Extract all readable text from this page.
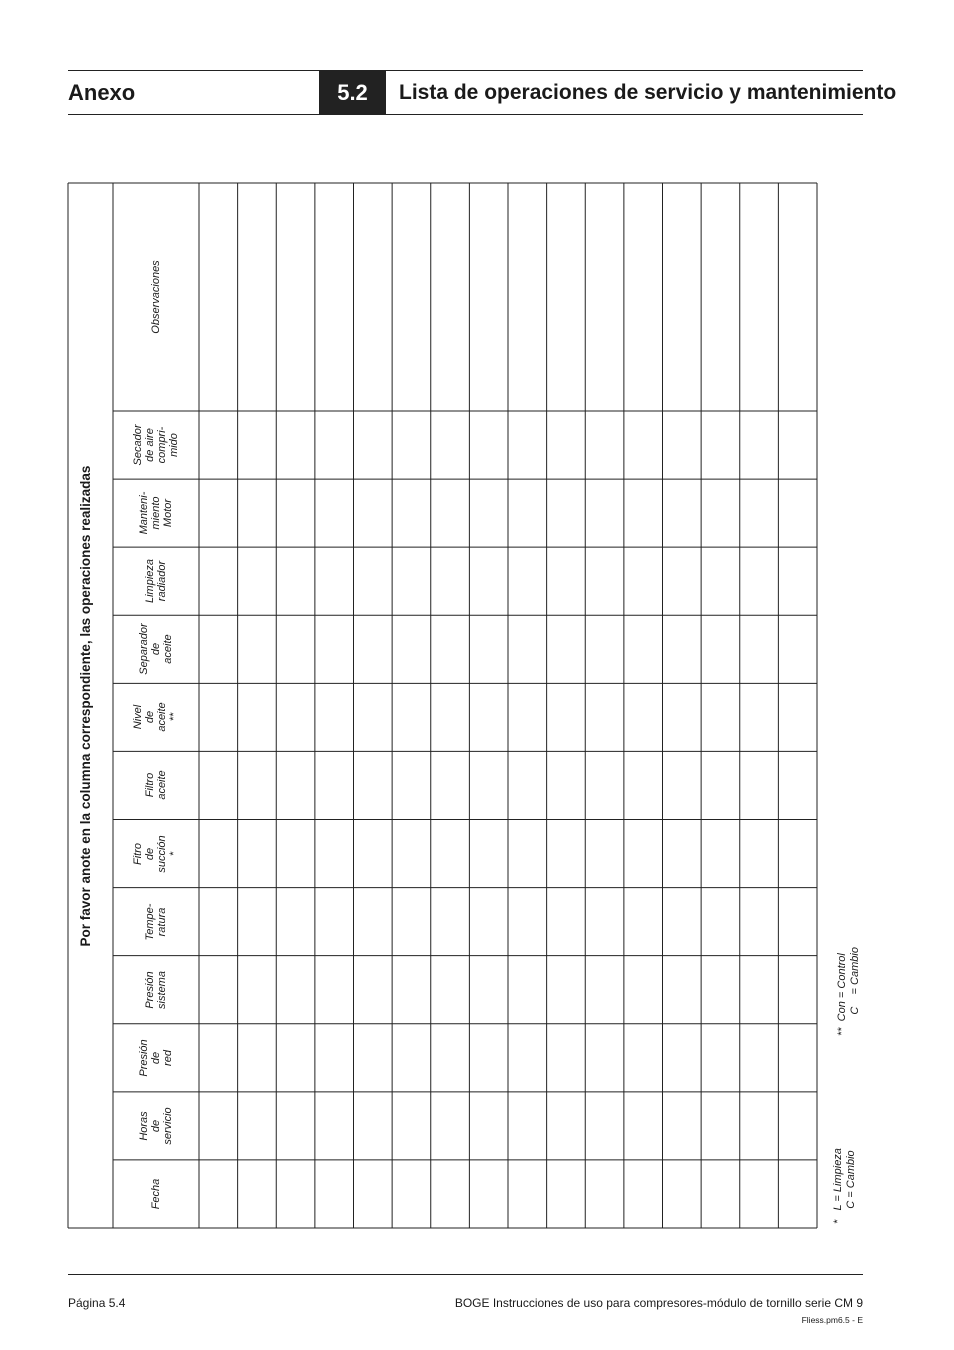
Anexo	5.2	Lista de operaciones de servicio y mantenimiento
Por favor anote en la columna correspondiente, las operaciones realizadas
Fecha
Horas de servicio
Presión de red
Presión sistema
Tempe- ratura
Fitro de succión *
Filtro aceite
Nivel de aceite **
Separador de aceite
Limpieza radiador
Manteni- miento Motor
Secador de aire compri- mido
Observaciones
*   L = Limpieza
C = Cambio
**  Con = Control
C    = Cambio
Página 5.4	BOGE Instrucciones de uso para compresores-módulo de tornillo serie CM 9
Fliess.pm6.5 - E
